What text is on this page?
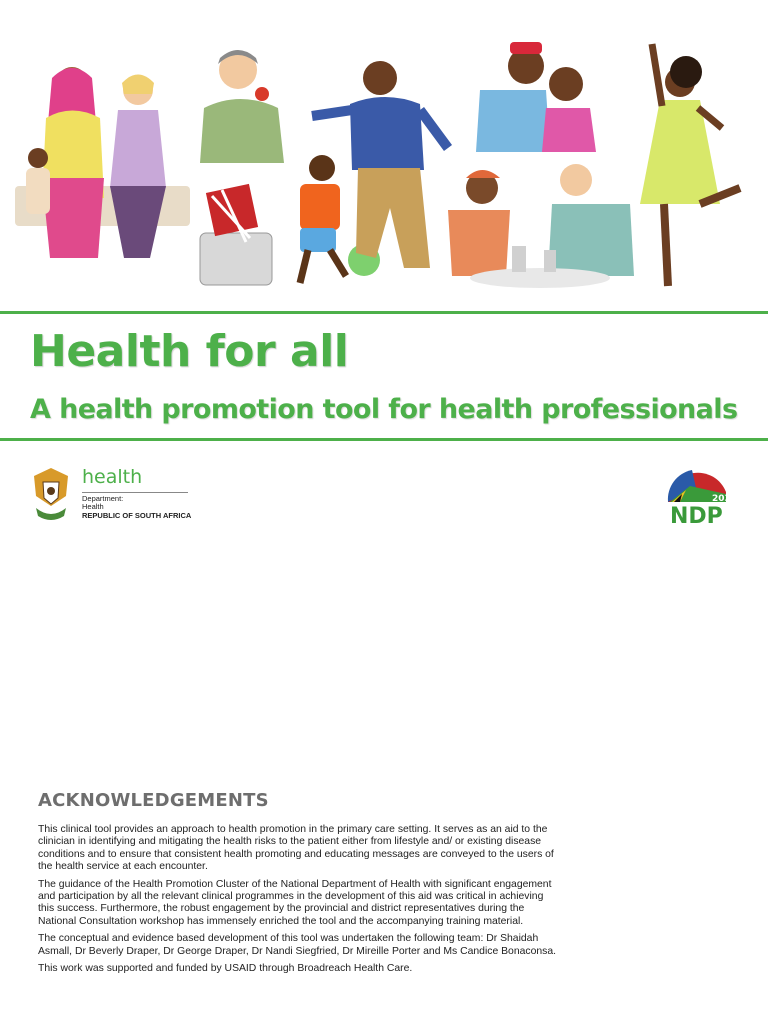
Health for all
A health promotion tool for health professionals
health
Department:
Health
REPUBLIC OF SOUTH AFRICA
2030
NDP
ACKNOWLEDGEMENTS

This clinical tool provides an approach to health promotion in the primary care setting. It serves as an aid to the clinician in identifying and mitigating the health risks to the patient either from lifestyle and/ or existing disease conditions and to ensure that consistent health promoting and educating messages are conveyed to the users of the health service at each encounter.

The guidance of the Health Promotion Cluster of the National Department of Health with significant engagement and participation by all the relevant clinical programmes in the development of this aid was critical in achieving this success. Furthermore, the robust engagement by the provincial and district representatives during the National Consultation workshop has immensely enriched the tool and the accompanying training material.

The conceptual and evidence based development of this tool was undertaken the following team: Dr Shaidah Asmall, Dr Beverly Draper, Dr George Draper, Dr Nandi Siegfried, Dr Mireille Porter and Ms Candice Bonaconsa.

This work was supported and funded by USAID through Broadreach Health Care.
